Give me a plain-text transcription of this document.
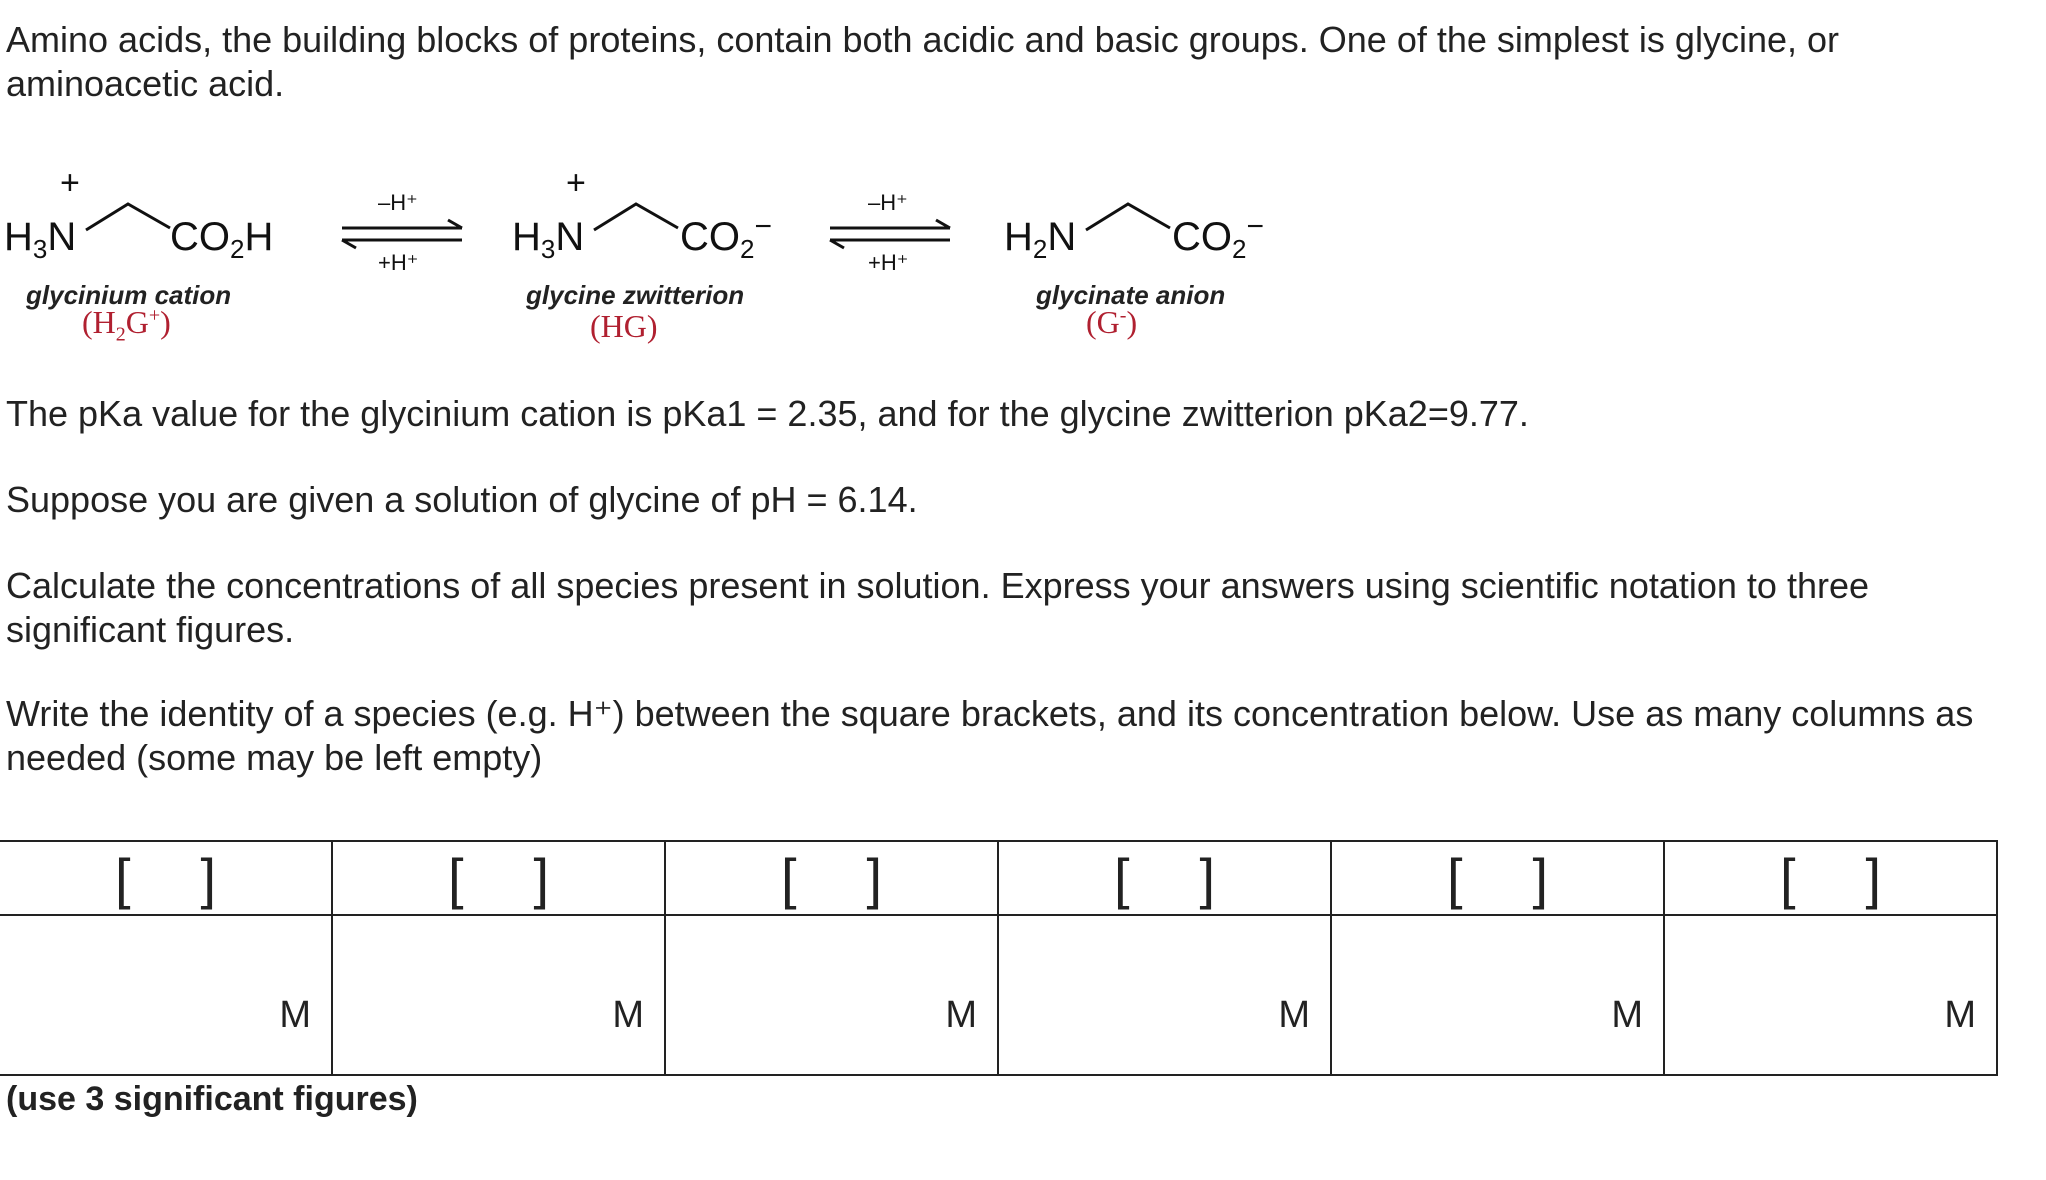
Amino acids, the building blocks of proteins, contain both acidic and basic groups. One of the simplest is glycine, or aminoacetic acid.

+
$H_3N$ $CO_2H$
–H⁺
+H⁺
+
$H_3N$ $CO_2^-$
–H⁺
+H⁺
$H_2N$ $CO_2^-$
glycinium cation
$(H_2G^+)$
glycine zwitterion
(HG)
glycinate anion
(G-)

The pKa value for the glycinium cation is pKa1 = 2.35, and for the glycine zwitterion pKa2=9.77.

Suppose you are given a solution of glycine of pH = 6.14.

Calculate the concentrations of all species present in solution. Express your answers using scientific notation to three significant figures.

Write the identity of a species (e.g. H⁺) between the square brackets, and its concentration below. Use as many columns as needed (some may be left empty)

[ ]	[ ]	[ ]	[ ]	[ ]	[ ]

M	M	M	M	M	M
(use 3 significant figures)
